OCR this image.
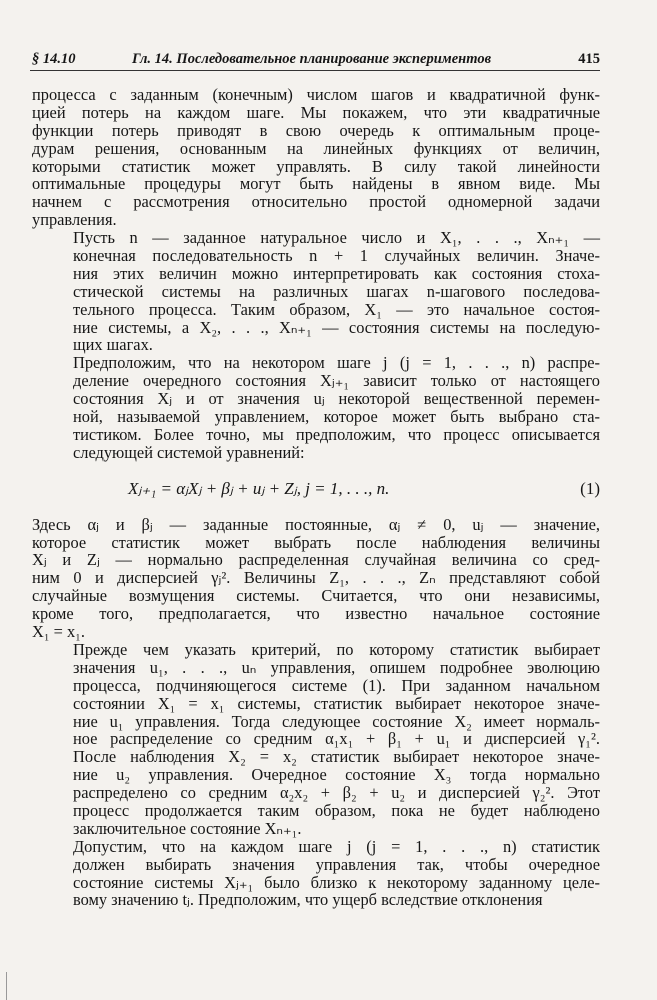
§ 14.10	Гл. 14. Последовательное планирование экспериментов	415

процесса с заданным (конечным) числом шагов и квадратичной функ-
цией потерь на каждом шаге. Мы покажем, что эти квадратичные
функции потерь приводят в свою очередь к оптимальным проце-
дурам решения, основанным на линейных функциях от величин,
которыми статистик может управлять. В силу такой линейности
оптимальные процедуры могут быть найдены в явном виде. Мы
начнем с рассмотрения относительно простой одномерной задачи
управления.

Пусть n — заданное натуральное число и X₁, . . ., Xₙ₊₁ —
конечная последовательность n + 1 случайных величин. Значе-
ния этих величин можно интерпретировать как состояния стоха-
стической системы на различных шагах n-шагового последова-
тельного процесса. Таким образом, X₁ — это начальное состоя-
ние системы, а X₂, . . ., Xₙ₊₁ — состояния системы на последую-
щих шагах.

Предположим, что на некотором шаге j (j = 1, . . ., n) распре-
деление очередного состояния Xⱼ₊₁ зависит только от настоящего
состояния Xⱼ и от значения uⱼ некоторой вещественной перемен-
ной, называемой управлением, которое может быть выбрано ста-
тистиком. Более точно, мы предположим, что процесс описывается
следующей системой уравнений:

Xⱼ₊₁ = αⱼXⱼ + βⱼ + uⱼ + Zⱼ, j = 1, . . ., n.	(1)

Здесь αⱼ и βⱼ — заданные постоянные, αⱼ ≠ 0, uⱼ — значение,
которое статистик может выбрать после наблюдения величины
Xⱼ и Zⱼ — нормально распределенная случайная величина со сред-
ним 0 и дисперсией γⱼ². Величины Z₁, . . ., Zₙ представляют собой
случайные возмущения системы. Считается, что они независимы,
кроме того, предполагается, что известно начальное состояние
X₁ = x₁.

Прежде чем указать критерий, по которому статистик выбирает
значения u₁, . . ., uₙ управления, опишем подробнее эволюцию
процесса, подчиняющегося системе (1). При заданном начальном
состоянии X₁ = x₁ системы, статистик выбирает некоторое значе-
ние u₁ управления. Тогда следующее состояние X₂ имеет нормаль-
ное распределение со средним α₁x₁ + β₁ + u₁ и дисперсией γ₁².
После наблюдения X₂ = x₂ статистик выбирает некоторое значе-
ние u₂ управления. Очередное состояние X₃ тогда нормально
распределено со средним α₂x₂ + β₂ + u₂ и дисперсией γ₂². Этот
процесс продолжается таким образом, пока не будет наблюдено
заключительное состояние Xₙ₊₁.

Допустим, что на каждом шаге j (j = 1, . . ., n) статистик
должен выбирать значения управления так, чтобы очередное
состояние системы Xⱼ₊₁ было близко к некоторому заданному целе-
вому значению tⱼ. Предположим, что ущерб вследствие отклонения
